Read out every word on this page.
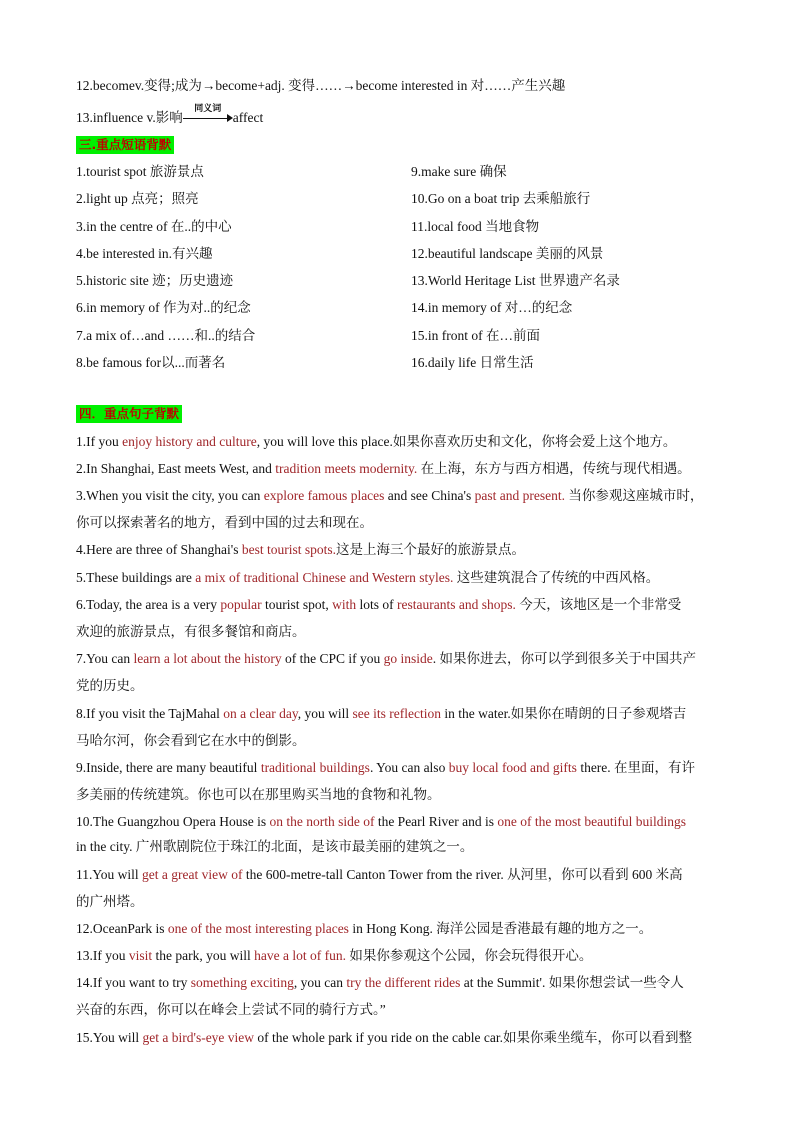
12.becomev.变得;成为→become+adj. 变得……→become interested in 对……产生兴趣
13.influence v.影响
同义词
affect
三.重点短语背默
1.tourist spot 旅游景点
2.light up 点亮；照亮
3.in the centre of 在..的中心
4.be interested in.有兴趣
5.historic site 迹；历史遗迹
6.in memory of 作为对..的纪念
7.a mix of…and ……和..的结合
8.be famous for以...而著名
9.make sure 确保
10.Go on a boat trip 去乘船旅行
11.local food 当地食物
12.beautiful landscape 美丽的风景
13.World Heritage List 世界遗产名录
14.in memory of 对…的纪念
15.in front of 在…前面
16.daily life 日常生活
四．重点句子背默
1.If you enjoy history and culture, you will love this place.如果你喜欢历史和文化，你将会爱上这个地方。
2.In Shanghai, East meets West, and tradition meets modernity. 在上海，东方与西方相遇，传统与现代相遇。
3.When you visit the city, you can explore famous places and see China's past and present. 当你参观这座城市时，
你可以探索著名的地方，看到中国的过去和现在。
4.Here are three of Shanghai's best tourist spots.这是上海三个最好的旅游景点。
5.These buildings are a mix of traditional Chinese and Western styles. 这些建筑混合了传统的中西风格。
6.Today, the area is a very popular tourist spot, with lots of restaurants and shops. 今天，该地区是一个非常受
欢迎的旅游景点，有很多餐馆和商店。
7.You can learn a lot about the history of the CPC if you go inside. 如果你进去，你可以学到很多关于中国共产
党的历史。
8.If you visit the TajMahal on a clear day, you will see its reflection in the water.如果你在晴朗的日子参观塔吉
马哈尔河，你会看到它在水中的倒影。
9.Inside, there are many beautiful traditional buildings. You can also buy local food and gifts there. 在里面，有许
多美丽的传统建筑。你也可以在那里购买当地的食物和礼物。
10.The Guangzhou Opera House is on the north side of the Pearl River and is one of the most beautiful buildings
in the city. 广州歌剧院位于珠江的北面，是该市最美丽的建筑之一。
11.You will get a great view of the 600-metre-tall Canton Tower from the river. 从河里，你可以看到 600 米高
的广州塔。
12.OceanPark is one of the most interesting places in Hong Kong. 海洋公园是香港最有趣的地方之一。
13.If you visit the park, you will have a lot of fun. 如果你参观这个公园，你会玩得很开心。
14.If you want to try something exciting, you can try the different rides at the Summit'. 如果你想尝试一些令人
兴奋的东西，你可以在峰会上尝试不同的骑行方式。”
15.You will get a bird's-eye view of the whole park if you ride on the cable car.如果你乘坐缆车，你可以看到整
